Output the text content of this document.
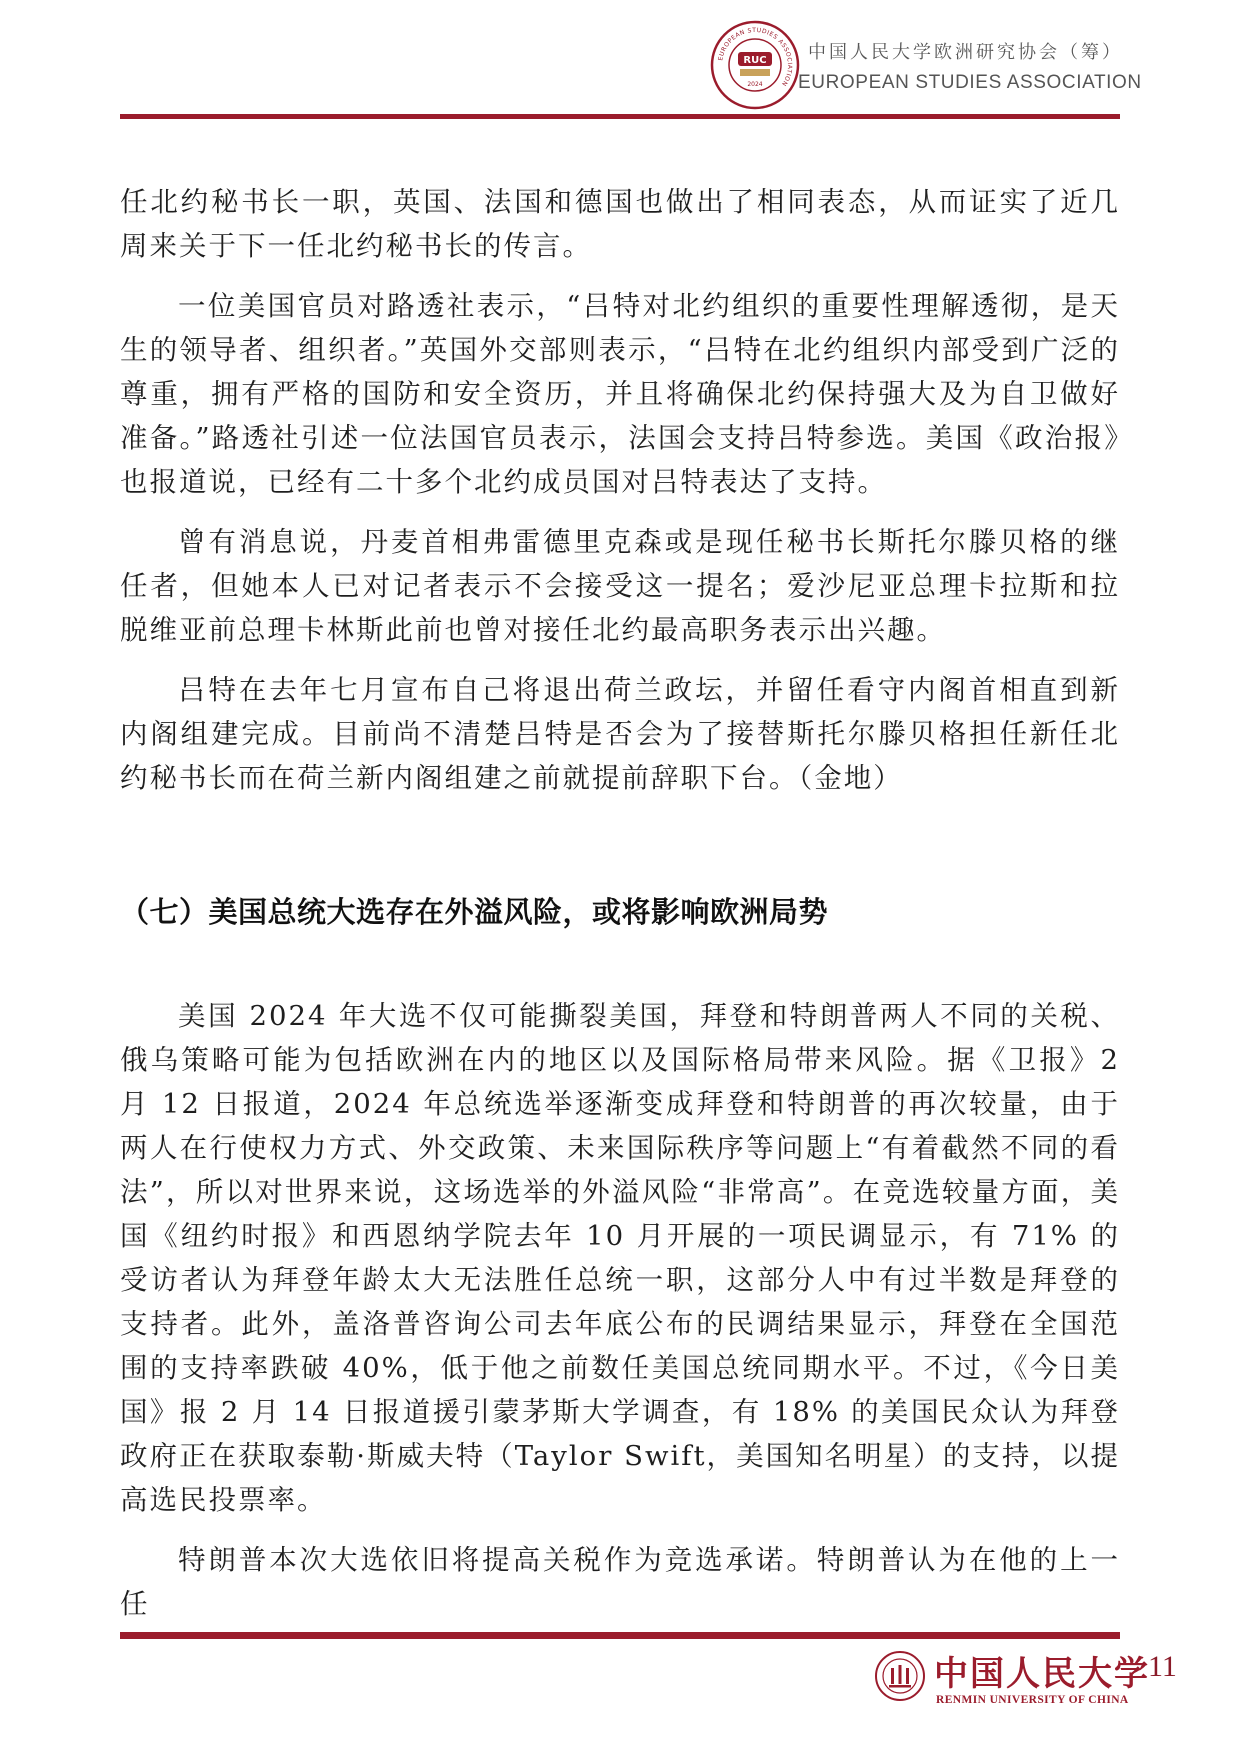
EUROPEAN STUDIES ASSOCIATION
RUC
2024
中国人民大学欧洲研究协会（筹）
EUROPEAN STUDIES ASSOCIATION

任北约秘书长一职，英国、法国和德国也做出了相同表态，从而证实了近几周来关于下一任北约秘书长的传言。

一位美国官员对路透社表示，“吕特对北约组织的重要性理解透彻，是天生的领导者、组织者。”英国外交部则表示，“吕特在北约组织内部受到广泛的尊重，拥有严格的国防和安全资历，并且将确保北约保持强大及为自卫做好准备。”路透社引述一位法国官员表示，法国会支持吕特参选。美国《政治报》也报道说，已经有二十多个北约成员国对吕特表达了支持。

曾有消息说，丹麦首相弗雷德里克森或是现任秘书长斯托尔滕贝格的继任者，但她本人已对记者表示不会接受这一提名；爱沙尼亚总理卡拉斯和拉脱维亚前总理卡林斯此前也曾对接任北约最高职务表示出兴趣。

吕特在去年七月宣布自己将退出荷兰政坛，并留任看守内阁首相直到新内阁组建完成。目前尚不清楚吕特是否会为了接替斯托尔滕贝格担任新任北约秘书长而在荷兰新内阁组建之前就提前辞职下台。（金地）

（七）美国总统大选存在外溢风险，或将影响欧洲局势

美国 2024 年大选不仅可能撕裂美国，拜登和特朗普两人不同的关税、俄乌策略可能为包括欧洲在内的地区以及国际格局带来风险。据《卫报》2 月 12 日报道，2024 年总统选举逐渐变成拜登和特朗普的再次较量，由于两人在行使权力方式、外交政策、未来国际秩序等问题上“有着截然不同的看法”，所以对世界来说，这场选举的外溢风险“非常高”。在竞选较量方面，美国《纽约时报》和西恩纳学院去年 10 月开展的一项民调显示，有 71% 的受访者认为拜登年龄太大无法胜任总统一职，这部分人中有过半数是拜登的支持者。此外，盖洛普咨询公司去年底公布的民调结果显示，拜登在全国范围的支持率跌破 40%，低于他之前数任美国总统同期水平。不过，《今日美国》报 2 月 14 日报道援引蒙茅斯大学调查，有 18% 的美国民众认为拜登政府正在获取泰勒·斯威夫特（Taylor Swift，美国知名明星）的支持，以提高选民投票率。

特朗普本次大选依旧将提高关税作为竞选承诺。特朗普认为在他的上一任

中国人民大学
RENMIN UNIVERSITY OF CHINA
11
